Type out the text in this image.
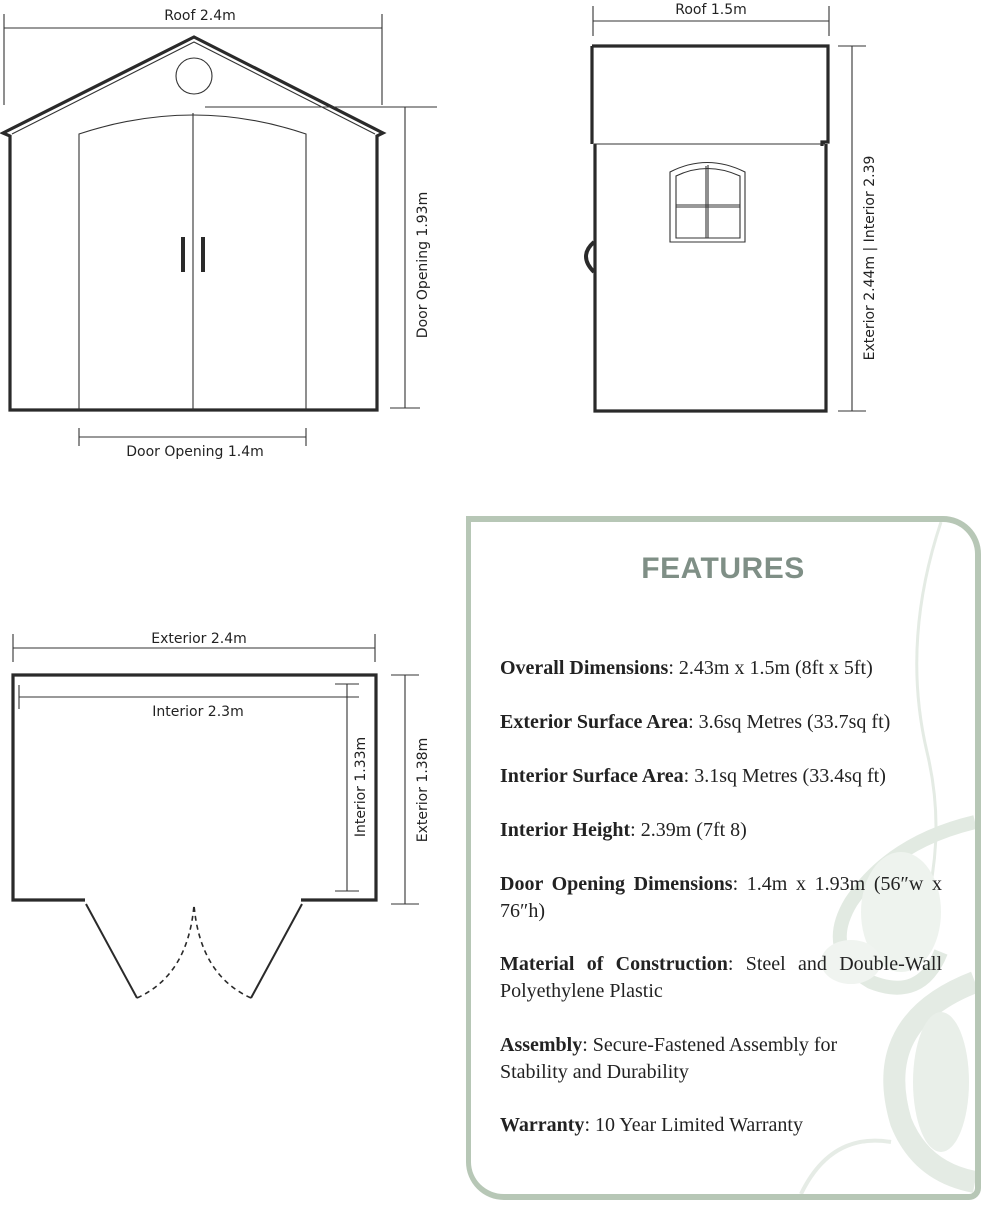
Roof 2.4m
Door Opening 1.93m
Door Opening 1.4m
Roof 1.5m
Exterior 2.44m | Interior 2.39
Exterior 2.4m
Interior 2.3m
Interior 1.33m	Exterior 1.38m
FEATURES

Overall Dimensions: 2.43m x 1.5m (8ft x 5ft)

Exterior Surface Area: 3.6sq Metres (33.7sq ft)

Interior Surface Area: 3.1sq Metres (33.4sq ft)

Interior Height: 2.39m (7ft 8)

Door Opening Dimensions: 1.4m x 1.93m (56″w x 76″h)

Material of Construction: Steel and Double-Wall Polyethylene Plastic

Assembly: Secure-Fastened Assembly for Stability and Durability

Warranty: 10 Year Limited Warranty
